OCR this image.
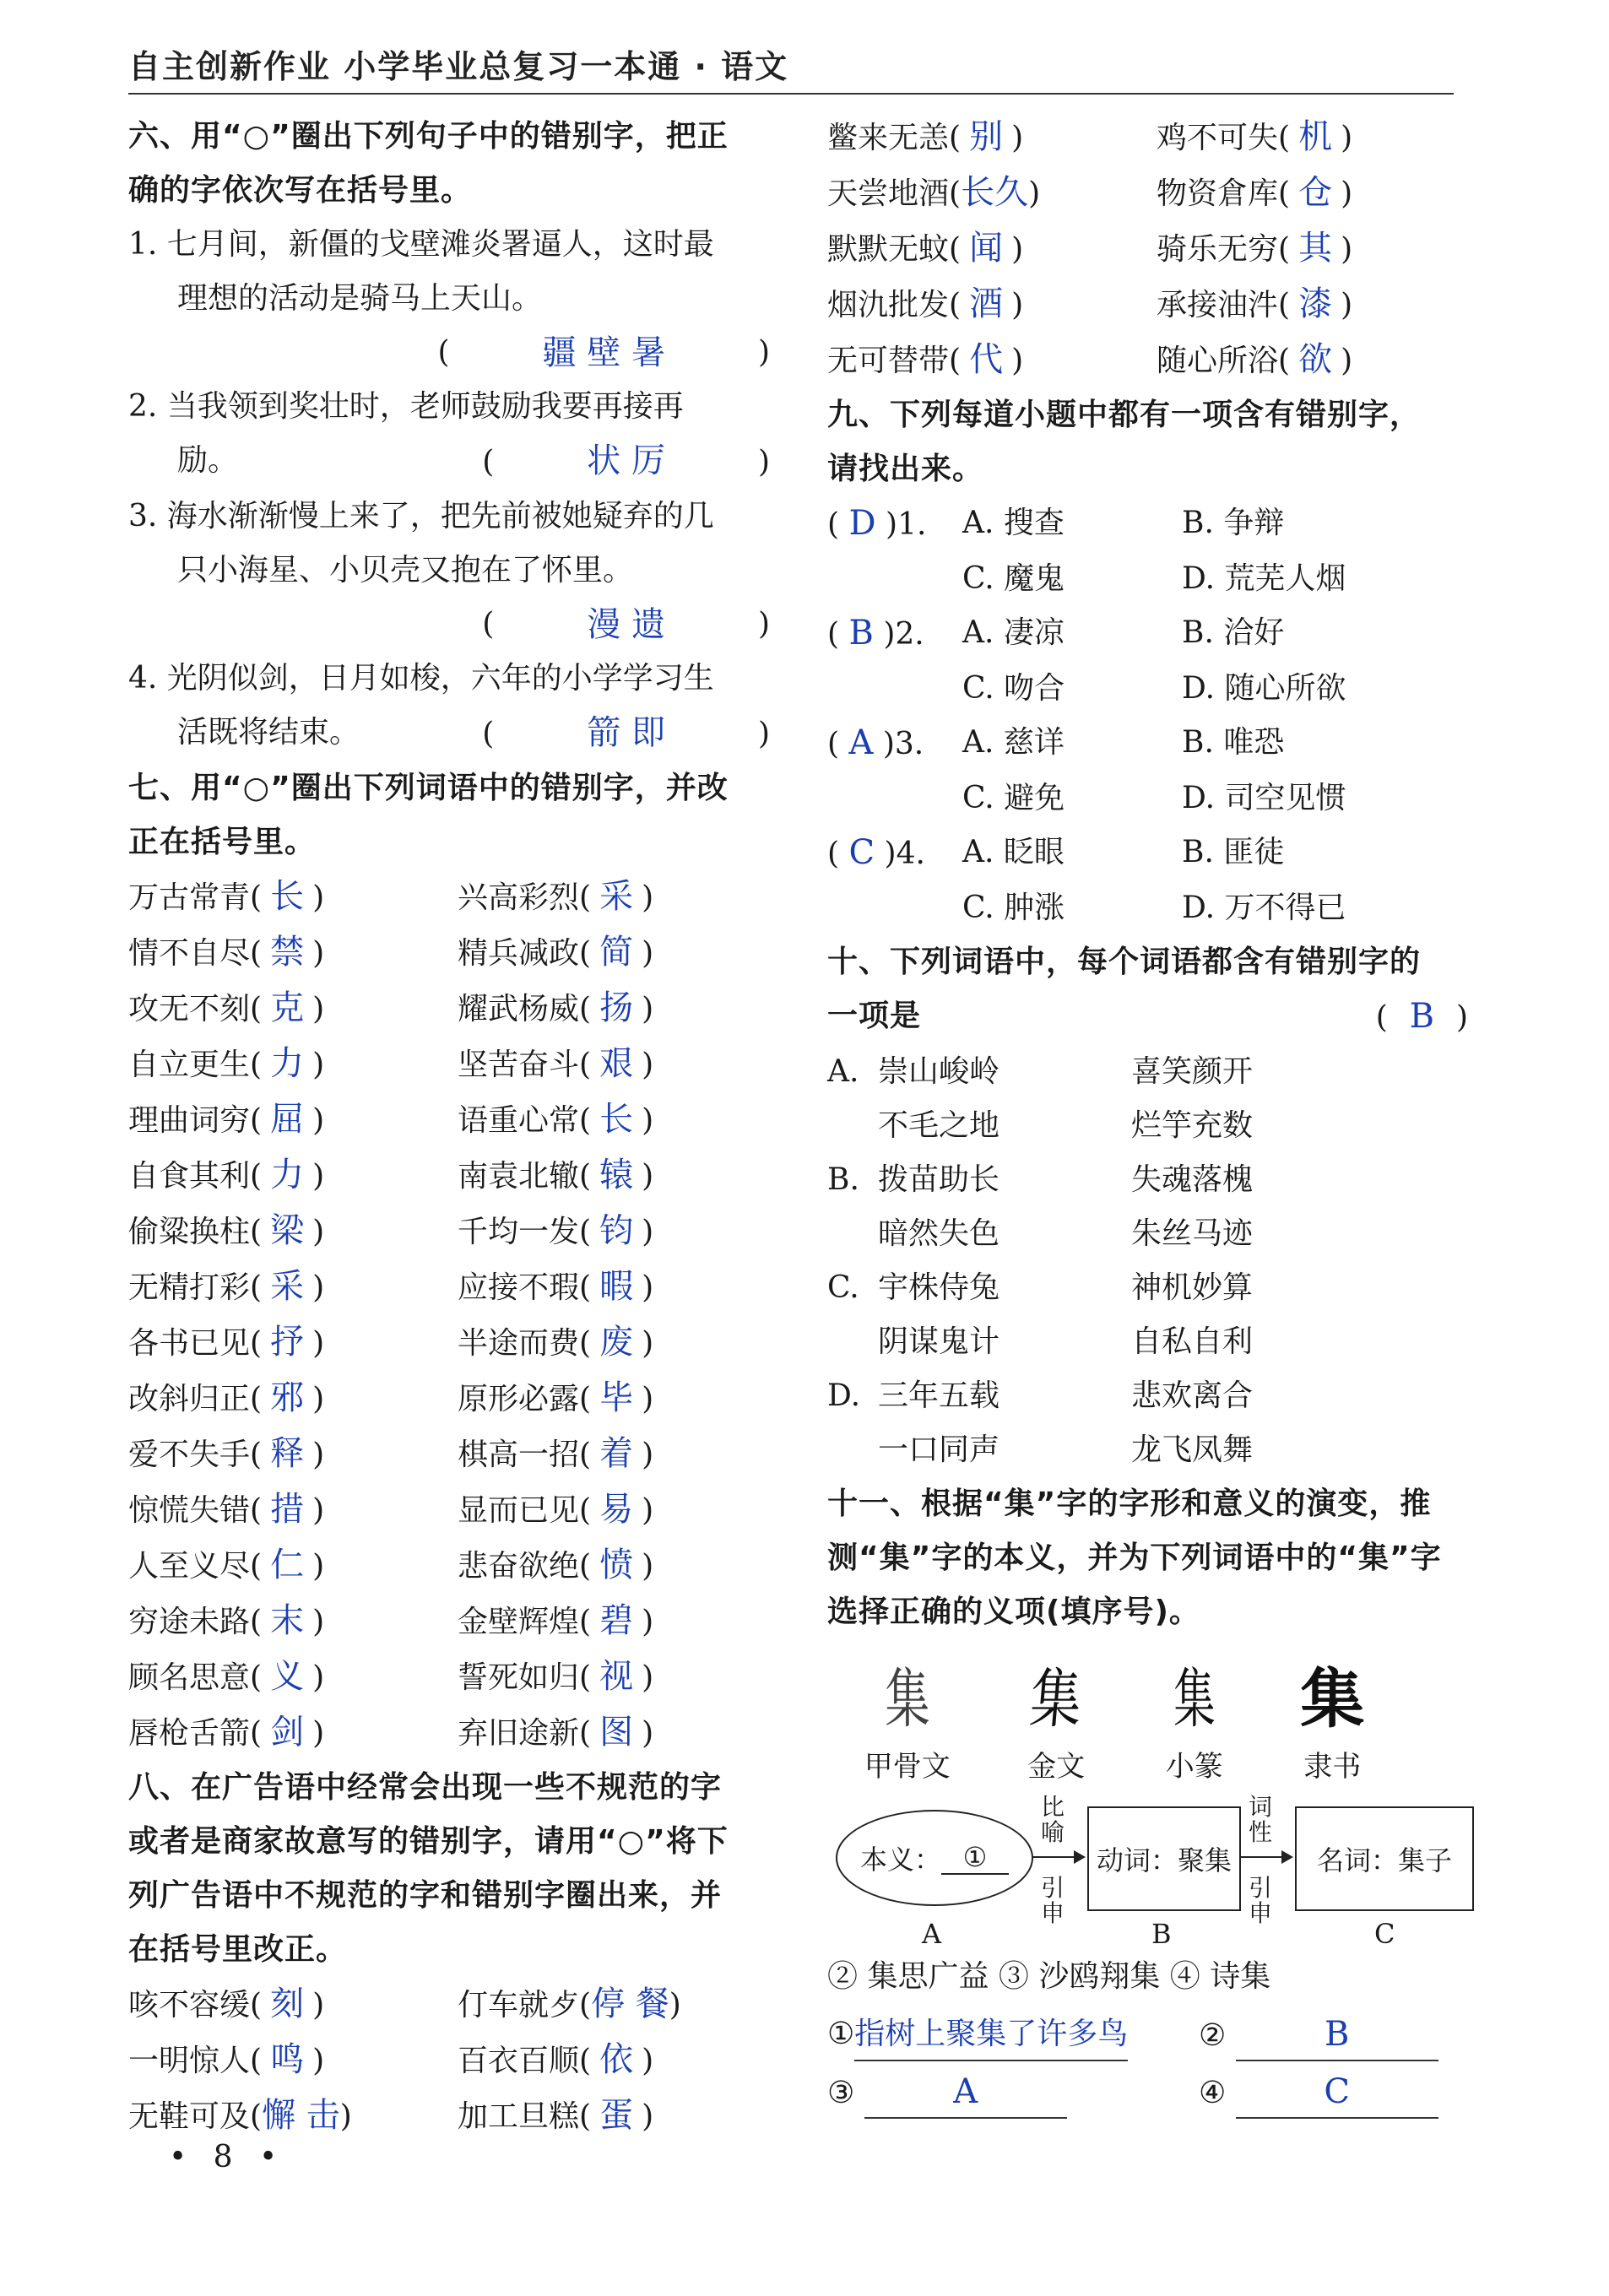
自主创新作业 小学毕业总复习一本通 · 语文
六、用“○”圈出下列句子中的错别字，把正
确的字依次写在括号里。
1. 七月间，新僵的戈壁滩炎署逼人，这时最
理想的活动是骑马上天山。
(	疆 壁 暑	)
2. 当我领到奖壮时，老师鼓励我要再接再
励。	(	状 厉	)
3. 海水渐渐慢上来了，把先前被她疑弃的几
只小海星、小贝壳又抱在了怀里。
(	漫 遗	)
4. 光阴似剑，日月如梭，六年的小学学习生
活既将结束。	(	箭 即	)
七、用“○”圈出下列词语中的错别字，并改
正在括号里。
万古常青( 长 )	兴高彩烈( 采 )
情不自尽( 禁 )	精兵减政( 简 )
攻无不刻( 克 )	耀武杨威( 扬 )
自立更生( 力 )	坚苦奋斗( 艰 )
理曲词穷( 屈 )	语重心常( 长 )
自食其利( 力 )	南袁北辙( 辕 )
偷粱换柱( 梁 )	千均一发( 钧 )
无精打彩( 采 )	应接不瑕( 暇 )
各书已见( 抒 )	半途而费( 废 )
改斜归正( 邪 )	原形必露( 毕 )
爱不失手( 释 )	棋高一招( 着 )
惊慌失错( 措 )	显而已见( 易 )
人至义尽( 仁 )	悲奋欲绝( 愤 )
穷途未路( 末 )	金壁辉煌( 碧 )
顾名思意( 义 )	誓死如归( 视 )
唇枪舌箭( 剑 )	弃旧途新( 图 )
八、在广告语中经常会出现一些不规范的字
或者是商家故意写的错别字，请用“○”将下
列广告语中不规范的字和错别字圈出来，并
在括号里改正。
咳不容缓( 刻 )	仃车就歺(停 餐)
一明惊人( 鸣 )	百衣百顺( 依 )
无鞋可及(懈 击)	加工旦糕( 蛋 )
鳖来无恙( 别 )	鸡不可失( 机 )
天尝地酒(长久)	物资倉库( 仓 )
默默无蚊( 闻 )	骑乐无穷( 其 )
烟氿批发( 酒 )	承接油汼( 漆 )
无可替带( 代 )	随心所浴( 欲 )
九、下列每道小题中都有一项含有错别字，
请找出来。
( D )1.	A. 搜查	B. 争辩
C. 魔鬼	D. 荒芜人烟
( B )2.	A. 凄凉	B. 洽好
C. 吻合	D. 随心所欲
( A )3.	A. 慈详	B. 唯恐
C. 避免	D. 司空见惯
( C )4.	A. 眨眼	B. 匪徒
C. 肿涨	D. 万不得已
十、下列词语中，每个词语都含有错别字的
一项是	(  B  )
A. 崇山峻岭	喜笑颜开
不毛之地	烂竽充数
B. 拨苗助长	失魂落槐
暗然失色	朱丝马迹
C. 宇株侍兔	神机妙算
阴谋鬼计	自私自利
D. 三年五载	悲欢离合
一口同声	龙飞凤舞
十一、根据“集”字的字形和意义的演变，推
测“集”字的本义，并为下列词语中的“集”字
选择正确的义项(填序号)。
集
甲骨文
集
金文
集
小篆
集
隶书
本义： ①
比
喻
引
申
动词：聚集
词
性
引
申
名词：集子
A	B	C
② 集思广益 ③ 沙鸥翔集 ④ 诗集
①指树上聚集了许多鸟	②	B
③	A	④	C
• 8 •
